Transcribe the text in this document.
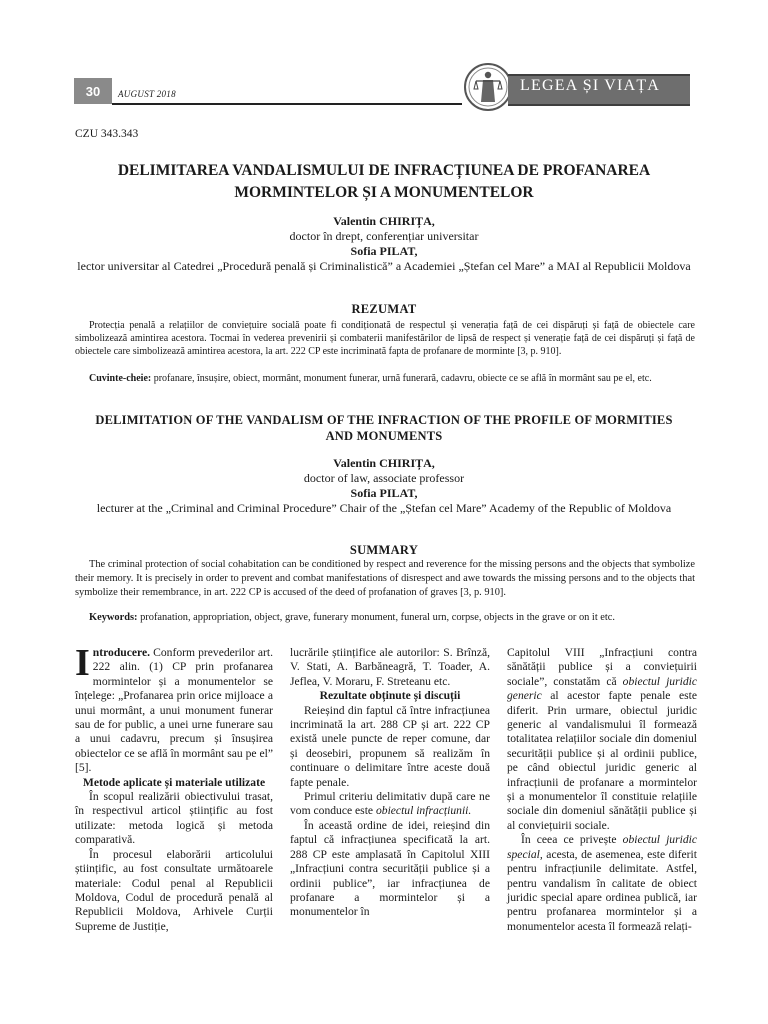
30	AUGUST 2018	LEGEA ȘI VIAȚA
CZU 343.343
DELIMITAREA VANDALISMULUI DE INFRACȚIUNEA DE PROFANAREA MORMINTELOR ȘI A MONUMENTELOR
Valentin CHIRIȚA,
doctor în drept, conferențiar universitar
Sofia PILAT,
lector universitar al Catedrei „Procedură penală și Criminalistică” a Academiei „Ștefan cel Mare” a MAI al Republicii Moldova
REZUMAT

Protecția penală a relațiilor de conviețuire socială poate fi condiționată de respectul și venerația față de cei dispăruți și față de obiectele care simbolizează amintirea acestora. Tocmai în vederea prevenirii și combaterii manifestărilor de lipsă de respect și venerație față de cei dispăruți și față de obiectele care simbolizează amintirea acestora, la art. 222 CP este incriminată fapta de profanare de morminte [3, p. 910].

Cuvinte-cheie: profanare, însușire, obiect, mormânt, monument funerar, urnă funerară, cadavru, obiecte ce se află în mormânt sau pe el, etc.

DELIMITATION OF THE VANDALISM OF THE INFRACTION OF THE PROFILE OF MORMITIES AND MONUMENTS
Valentin CHIRIȚA,
doctor of law, associate professor
Sofia PILAT,
lecturer at the „Criminal and Criminal Procedure” Chair of the „Ștefan cel Mare” Academy of the Republic of Moldova
SUMMARY

The criminal protection of social cohabitation can be conditioned by respect and reverence for the missing persons and the objects that symbolize their memory. It is precisely in order to prevent and combat manifestations of disrespect and awe towards the missing persons and to the objects that symbolize their remembrance, in art. 222 CP is accused of the deed of profanation of graves [3, p. 910].

Keywords: profanation, appropriation, object, grave, funerary monument, funeral urn, corpse, objects in the grave or on it etc.

Introducere. Conform prevederilor art. 222 alin. (1) CP prin profanarea mormintelor și a monumentelor se înțelege: „Profanarea prin orice mijloace a unui mormânt, a unui monument funerar sau de for public, a unei urne funerare sau a unui cadavru, precum și însușirea obiectelor ce se află în mormânt sau pe el” [5].

Metode aplicate și materiale utilizate

În scopul realizării obiectivului trasat, în respectivul articol științific au fost utilizate: metoda logică și metoda comparativă.

În procesul elaborării articolului științific, au fost consultate următoarele materiale: Codul penal al Republicii Moldova, Codul de procedură penală al Republicii Moldova, Arhivele Curții Supreme de Justiție,

lucrările științifice ale autorilor: S. Brînză, V. Stati, A. Barbăneagră, T. Toader, A. Jeflea, V. Moraru, F. Streteanu etc.

Rezultate obținute și discuții

Reieșind din faptul că între infracțiunea incriminată la art. 288 CP și art. 222 CP există unele puncte de reper comune, dar și deosebiri, propunem să realizăm în continuare o delimitare între aceste două fapte penale.

Primul criteriu delimitativ după care ne vom conduce este obiectul infracțiunii.

În această ordine de idei, reieșind din faptul că infracțiunea specificată la art. 288 CP este amplasată în Capitolul XIII „Infracțiuni contra securității publice și a ordinii publice”, iar infracțiunea de profanare a mormintelor și a monumentelor în

Capitolul VIII „Infracțiuni contra sănătății publice și a conviețuirii sociale”, constatăm că obiectul juridic generic al acestor fapte penale este diferit. Prin urmare, obiectul juridic generic al vandalismului îl formează totalitatea relațiilor sociale din domeniul securității publice și al ordinii publice, pe când obiectul juridic generic al infracțiunii de profanare a mormintelor și a monumentelor îl constituie relațiile sociale din domeniul sănătății publice și al conviețuirii sociale.

În ceea ce privește obiectul juridic special, acesta, de asemenea, este diferit pentru infracțiunile delimitate. Astfel, pentru vandalism în calitate de obiect juridic special apare ordinea publică, iar pentru profanarea mormintelor și a monumentelor acesta îl formează relați-
